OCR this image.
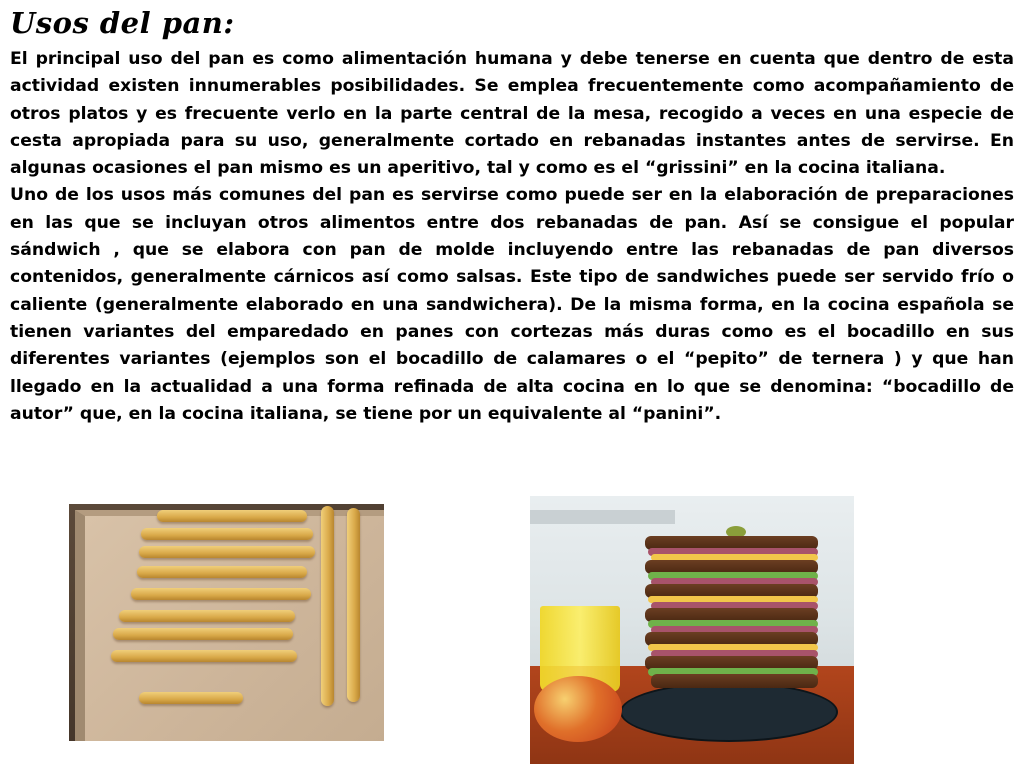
Usos del pan:

El principal uso del pan es como alimentación humana y debe tenerse en cuenta que dentro de esta actividad existen innumerables posibilidades. Se emplea frecuentemente como acompañamiento de otros platos y es frecuente verlo en la parte central de la mesa, recogido a veces en una especie de cesta apropiada para su uso, generalmente cortado en rebanadas instantes antes de servirse. En algunas ocasiones el pan mismo es un aperitivo, tal y como es el “grissini” en la cocina italiana.

Uno de los usos más comunes del pan es servirse como puede ser en la elaboración de preparaciones en las que se incluyan otros alimentos entre dos rebanadas de pan. Así se consigue el popular sándwich , que se elabora con pan de molde incluyendo entre las rebanadas de pan diversos contenidos, generalmente cárnicos así como salsas. Este tipo de sandwiches puede ser servido frío o caliente (generalmente elaborado en una sandwichera). De la misma forma, en la cocina española se tienen variantes del emparedado en panes con cortezas más duras como es el bocadillo en sus diferentes variantes (ejemplos son el bocadillo de calamares o el “pepito” de ternera ) y que han llegado en la actualidad a una forma refinada de alta cocina en lo que se denomina: “bocadillo de autor” que, en la cocina italiana, se tiene por un equivalente al “panini”.
